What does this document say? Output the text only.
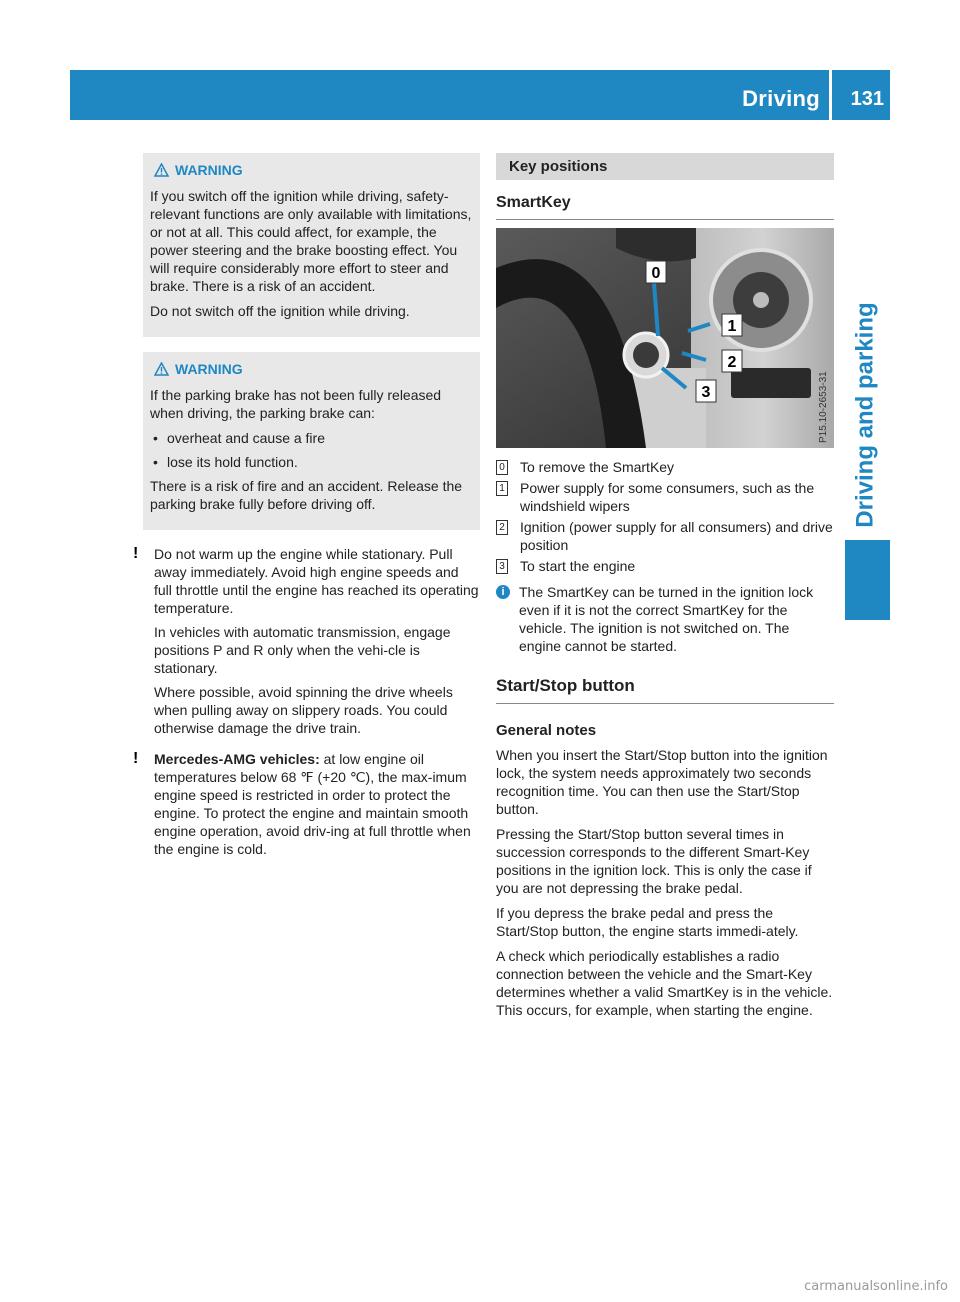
Driving 131
Driving and parking
WARNING

If you switch off the ignition while driving, safety-relevant functions are only available with limitations, or not at all. This could affect, for example, the power steering and the brake boosting effect. You will require considerably more effort to steer and brake. There is a risk of an accident.

Do not switch off the ignition while driving.

WARNING

If the parking brake has not been fully released when driving, the parking brake can:

• overheat and cause a fire
• lose its hold function.

There is a risk of fire and an accident. Release the parking brake fully before driving off.

! Do not warm up the engine while stationary. Pull away immediately. Avoid high engine speeds and full throttle until the engine has reached its operating temperature.

In vehicles with automatic transmission, engage positions P and R only when the vehi-cle is stationary.

Where possible, avoid spinning the drive wheels when pulling away on slippery roads. You could otherwise damage the drive train.

! Mercedes-AMG vehicles: at low engine oil temperatures below 68 ℉ (+20 ℃), the max-imum engine speed is restricted in order to protect the engine. To protect the engine and maintain smooth engine operation, avoid driv-ing at full throttle when the engine is cold.

Key positions
SmartKey
0
1
2
3	P15.10-2653-31
0 To remove the SmartKey
1 Power supply for some consumers, such as the windshield wipers
2 Ignition (power supply for all consumers) and drive position
3 To start the engine
i	The SmartKey can be turned in the ignition lock even if it is not the correct SmartKey for the vehicle. The ignition is not switched on. The engine cannot be started.
Start/Stop button
General notes

When you insert the Start/Stop button into the ignition lock, the system needs approximately two seconds recognition time. You can then use the Start/Stop button.

Pressing the Start/Stop button several times in succession corresponds to the different Smart-Key positions in the ignition lock. This is only the case if you are not depressing the brake pedal.

If you depress the brake pedal and press the Start/Stop button, the engine starts immedi-ately.

A check which periodically establishes a radio connection between the vehicle and the Smart-Key determines whether a valid SmartKey is in the vehicle. This occurs, for example, when starting the engine.

carmanualsonline.info
